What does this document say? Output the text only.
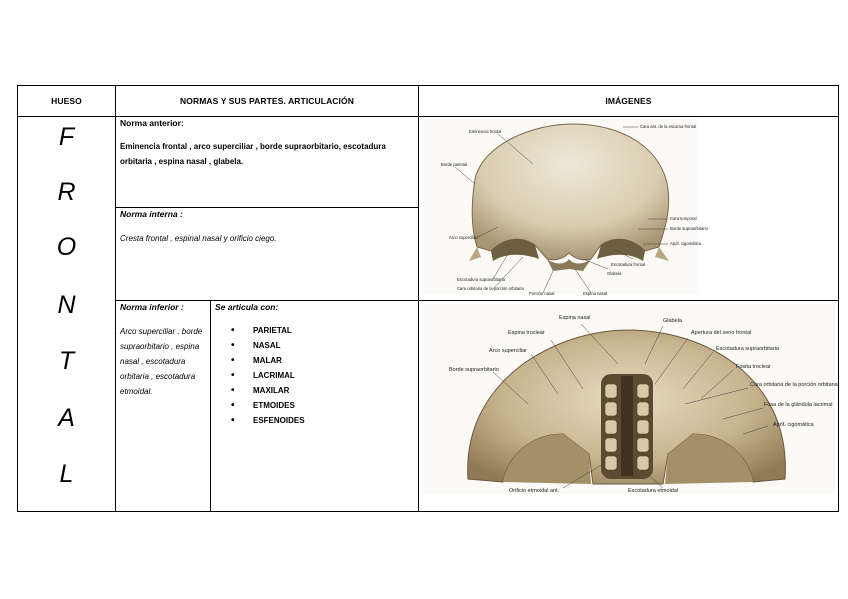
HUESO	NORMAS Y SUS PARTES. ARTICULACIÓN	IMÁGENES
F
R
O
N
T
A
L
Norma anterior:
Eminencia frontal , arco superciliar , borde supraorbitario, escotadura orbitaria , espina nasal , glabela.
Norma interna :
Cresta frontal , espinal nasal y orificio ciego.
Norma inferior :
Arco superciliar , borde supraorbitario , espina nasal , escotadura orbitaria , escotadura etmoidal.
Se articula con:
• PARIETAL
• NASAL
• MALAR
• LACRIMAL
• MAXILAR
• ETMOIDES
• ESFENOIDES
Cara ant. de la escama frontal
Eminencia frontal
Borde parietal
Cara temporal
Borde supraorbitario
Apóf. cigomática
Arco superciliar
Escotadura supraorbitaria
Escotadura frontal
Cara orbitaria de la porción orbitaria
Glabela
Porción nasal	Espina nasal
Espina nasal	Glabela
Espina troclear	Apertura del seno frontal
Arco superciliar	Escotadura supraorbitaria
Borde supraorbitario	Fosita troclear
Cara orbitaria de la porción orbitaria
Fosa de la glándula lacrimal
Apóf. cigomática
Orificio etmoidal ant.	Escotadura etmoidal
